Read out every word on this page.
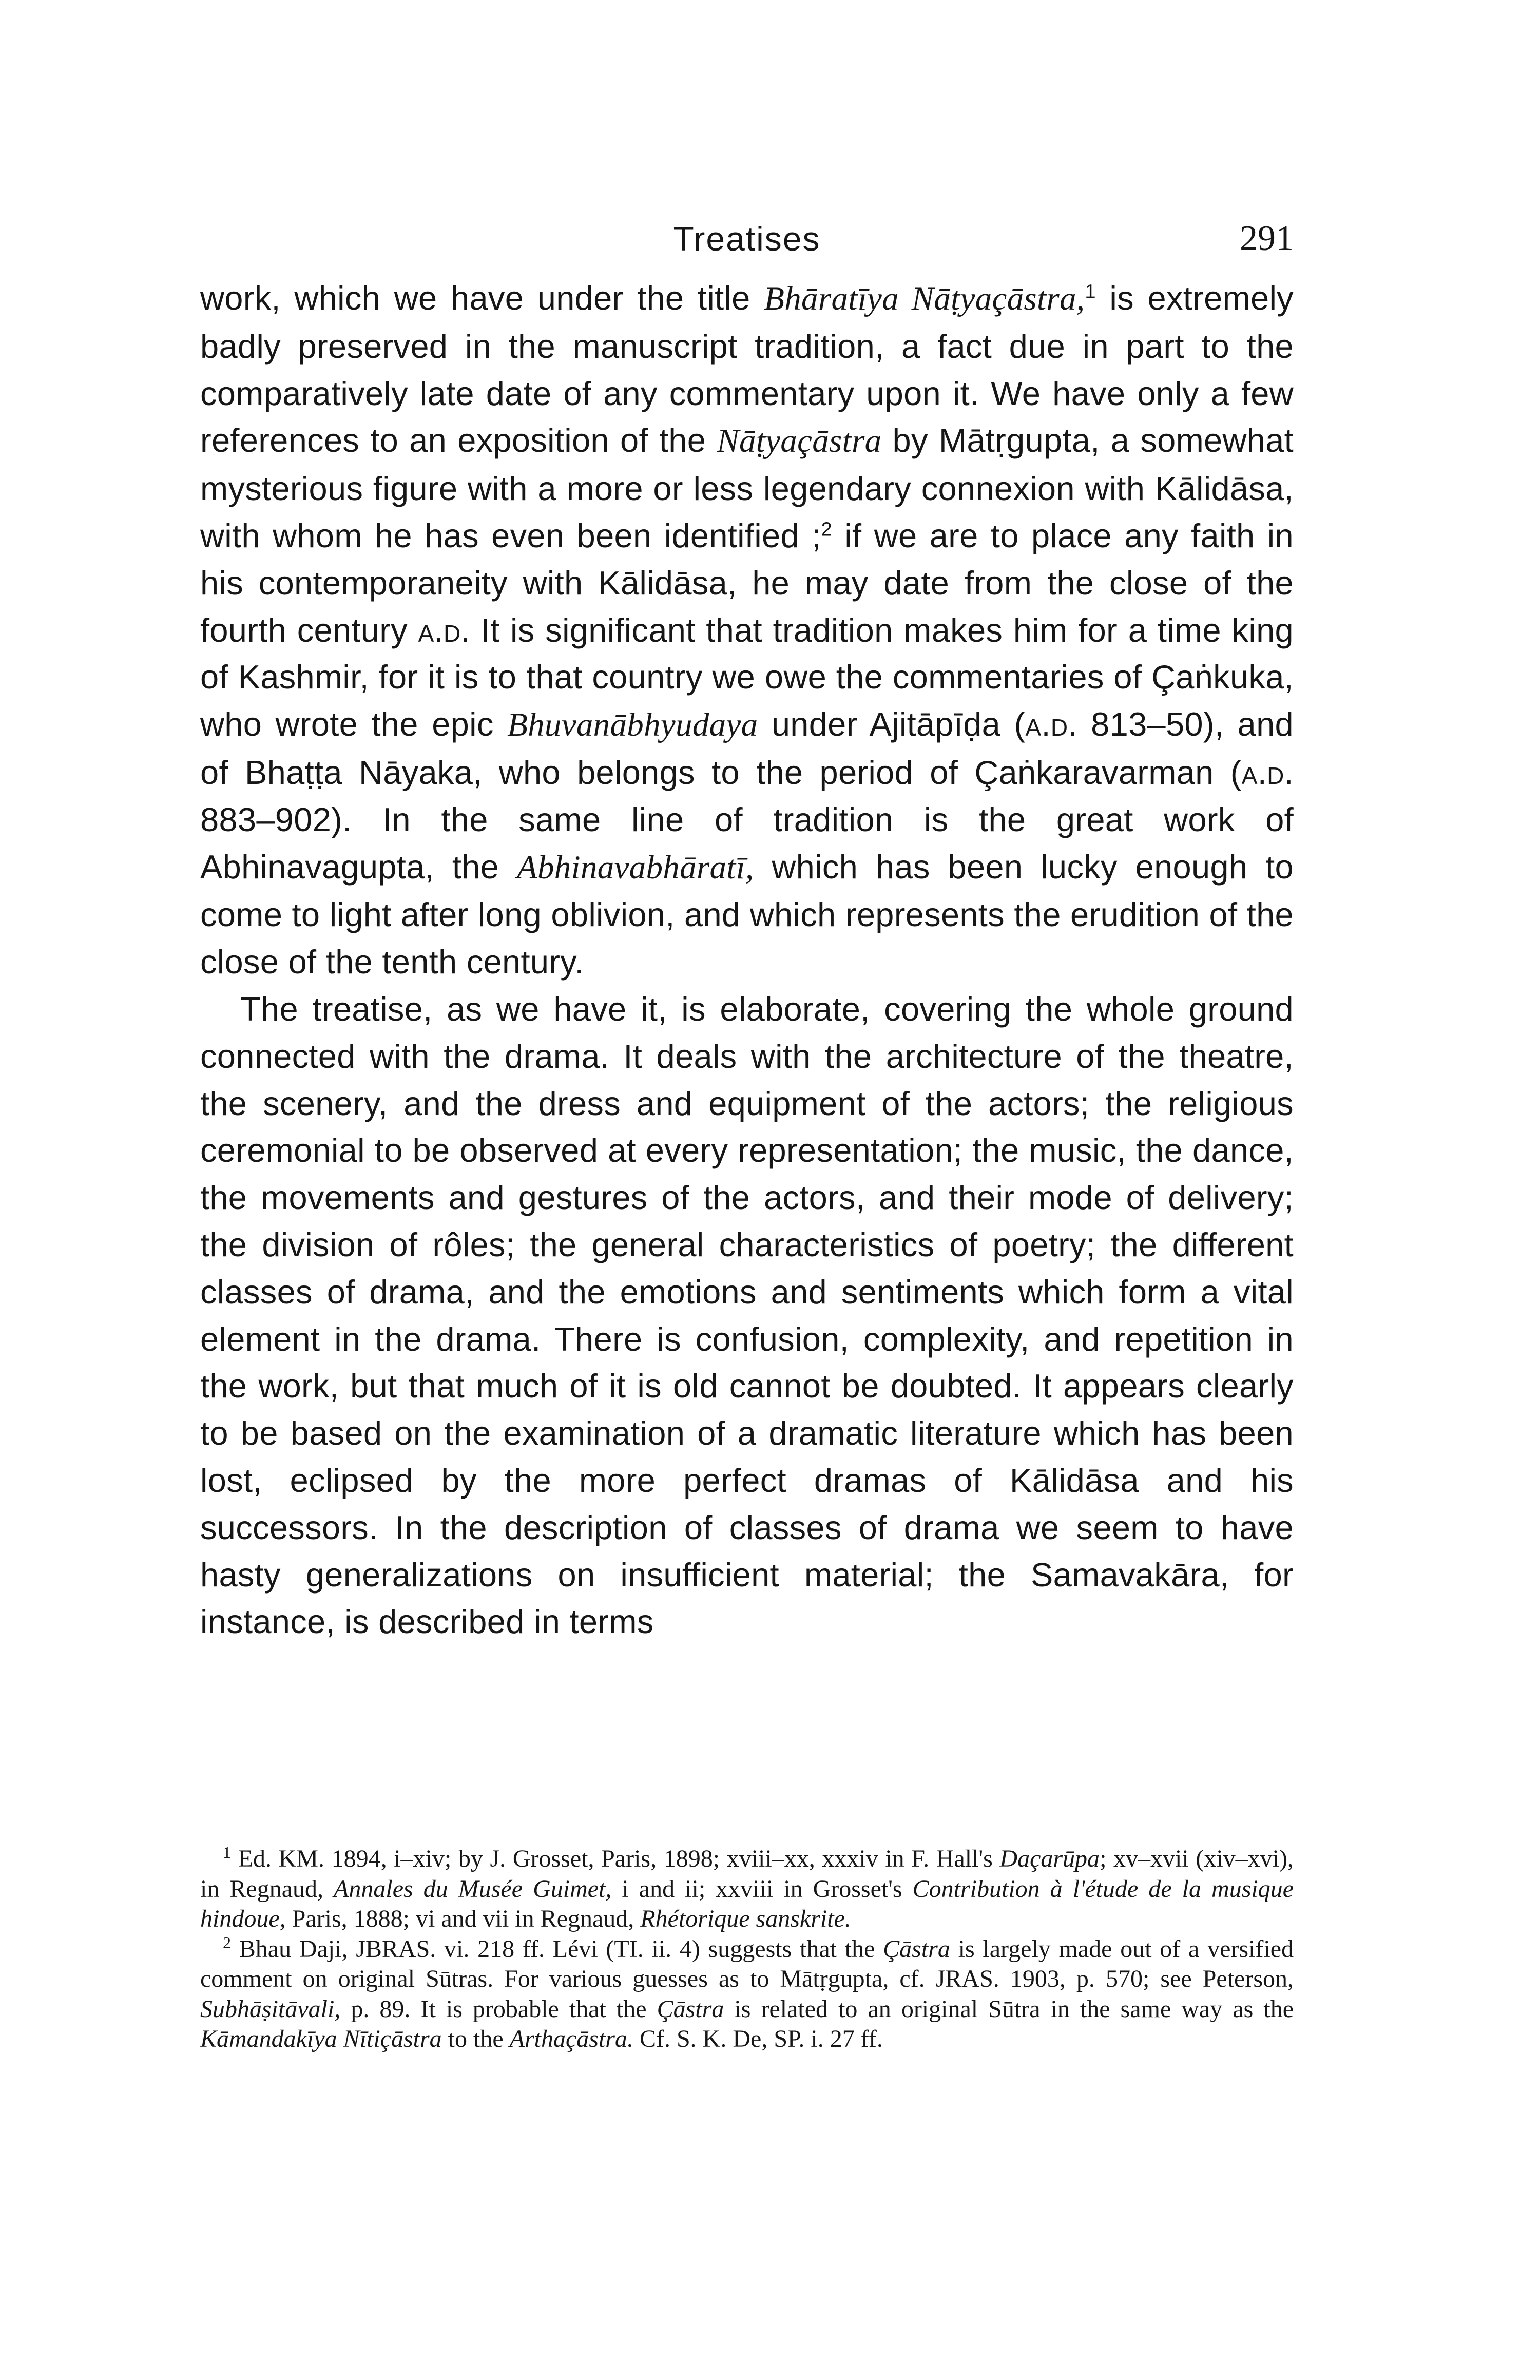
Treatises	291

work, which we have under the title Bhāratīya Nāṭyaçāstra,$^1$ is extremely badly preserved in the manuscript tradition, a fact due in part to the comparatively late date of any commentary upon it. We have only a few references to an exposition of the Nāṭyaçāstra by Mātṛgupta, a somewhat mysterious figure with a more or less legendary connexion with Kālidāsa, with whom he has even been identified ;$^2$ if we are to place any faith in his contemporaneity with Kālidāsa, he may date from the close of the fourth century a.d. It is significant that tradition makes him for a time king of Kashmir, for it is to that country we owe the commentaries of Çaṅkuka, who wrote the epic Bhuvanābhyudaya under Ajitāpīḍa (a.d. 813–50), and of Bhaṭṭa Nāyaka, who belongs to the period of Çaṅkaravarman (a.d. 883–902). In the same line of tradition is the great work of Abhinavagupta, the Abhinavabhāratī, which has been lucky enough to come to light after long oblivion, and which represents the erudition of the close of the tenth century.

The treatise, as we have it, is elaborate, covering the whole ground connected with the drama. It deals with the architecture of the theatre, the scenery, and the dress and equipment of the actors; the religious ceremonial to be observed at every representation; the music, the dance, the movements and gestures of the actors, and their mode of delivery; the division of rôles; the general characteristics of poetry; the different classes of drama, and the emotions and sentiments which form a vital element in the drama. There is confusion, complexity, and repetition in the work, but that much of it is old cannot be doubted. It appears clearly to be based on the examination of a dramatic literature which has been lost, eclipsed by the more perfect dramas of Kālidāsa and his successors. In the description of classes of drama we seem to have hasty generalizations on insufficient material; the Samavakāra, for instance, is described in terms

$^1$ Ed. KM. 1894, i–xiv; by J. Grosset, Paris, 1898; xviii–xx, xxxiv in F. Hall's Daçarūpa; xv–xvii (xiv–xvi), in Regnaud, Annales du Musée Guimet, i and ii; xxviii in Grosset's Contribution à l'étude de la musique hindoue, Paris, 1888; vi and vii in Regnaud, Rhétorique sanskrite.

$^2$ Bhau Daji, JBRAS. vi. 218 ff. Lévi (TI. ii. 4) suggests that the Çāstra is largely made out of a versified comment on original Sūtras. For various guesses as to Mātṛgupta, cf. JRAS. 1903, p. 570; see Peterson, Subhāṣitāvali, p. 89. It is probable that the Çāstra is related to an original Sūtra in the same way as the Kāmandakīya Nītiçāstra to the Arthaçāstra. Cf. S. K. De, SP. i. 27 ff.
